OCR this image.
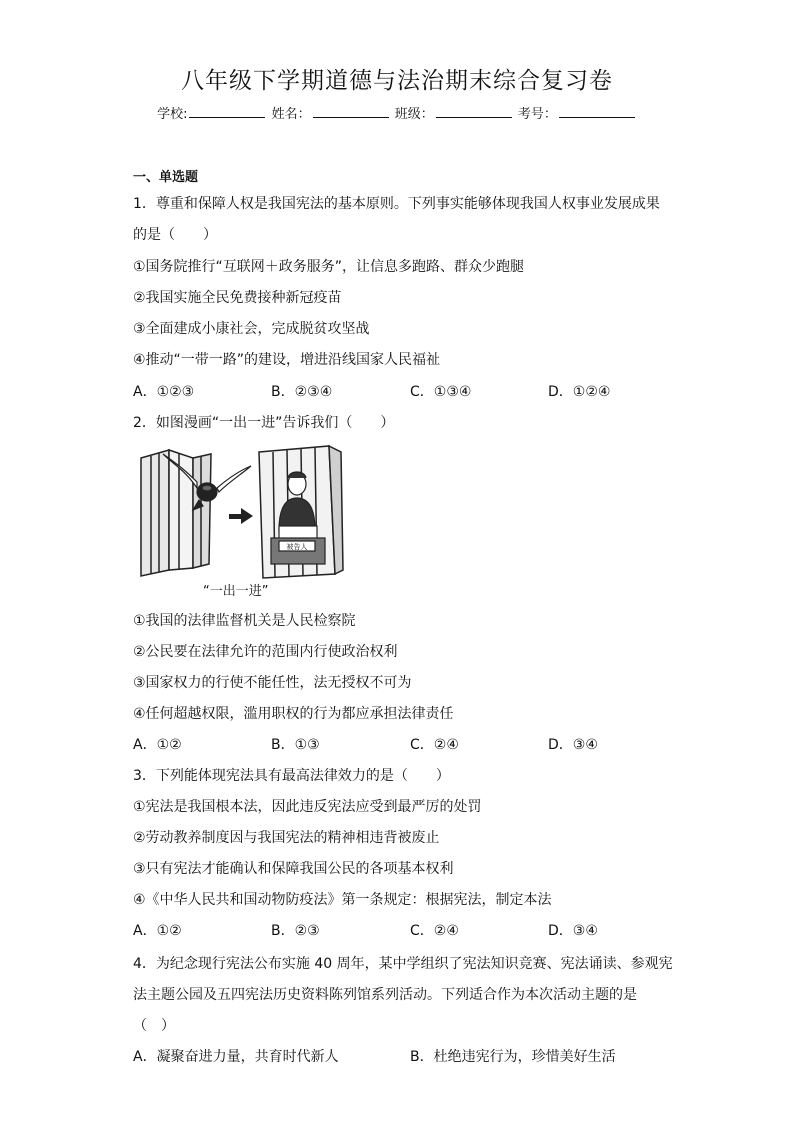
八年级下学期道德与法治期末综合复习卷
学校:	姓名：	班级：	考号：
一、单选题
1．尊重和保障人权是我国宪法的基本原则。下列事实能够体现我国人权事业发展成果
的是（　　）
①国务院推行“互联网＋政务服务”，让信息多跑路、群众少跑腿
②我国实施全民免费接种新冠疫苗
③全面建成小康社会，完成脱贫攻坚战
④推动“一带一路”的建设，增进沿线国家人民福祉
A．①②③	B．②③④	C．①③④	D．①②④
2．如图漫画“一出一进”告诉我们（　　）
被告人
“一出一进”
①我国的法律监督机关是人民检察院
②公民要在法律允许的范围内行使政治权利
③国家权力的行使不能任性，法无授权不可为
④任何超越权限，滥用职权的行为都应承担法律责任
A．①②	B．①③	C．②④	D．③④
3．下列能体现宪法具有最高法律效力的是（　　）
①宪法是我国根本法，因此违反宪法应受到最严厉的处罚
②劳动教养制度因与我国宪法的精神相违背被废止
③只有宪法才能确认和保障我国公民的各项基本权利
④《中华人民共和国动物防疫法》第一条规定：根据宪法，制定本法
A．①②	B．②③	C．②④	D．③④
4．为纪念现行宪法公布实施 40 周年，某中学组织了宪法知识竞赛、宪法诵读、参观宪
法主题公园及五四宪法历史资料陈列馆系列活动。下列适合作为本次活动主题的是
（　）
A．凝聚奋进力量，共育时代新人	B．杜绝违宪行为，珍惜美好生活
